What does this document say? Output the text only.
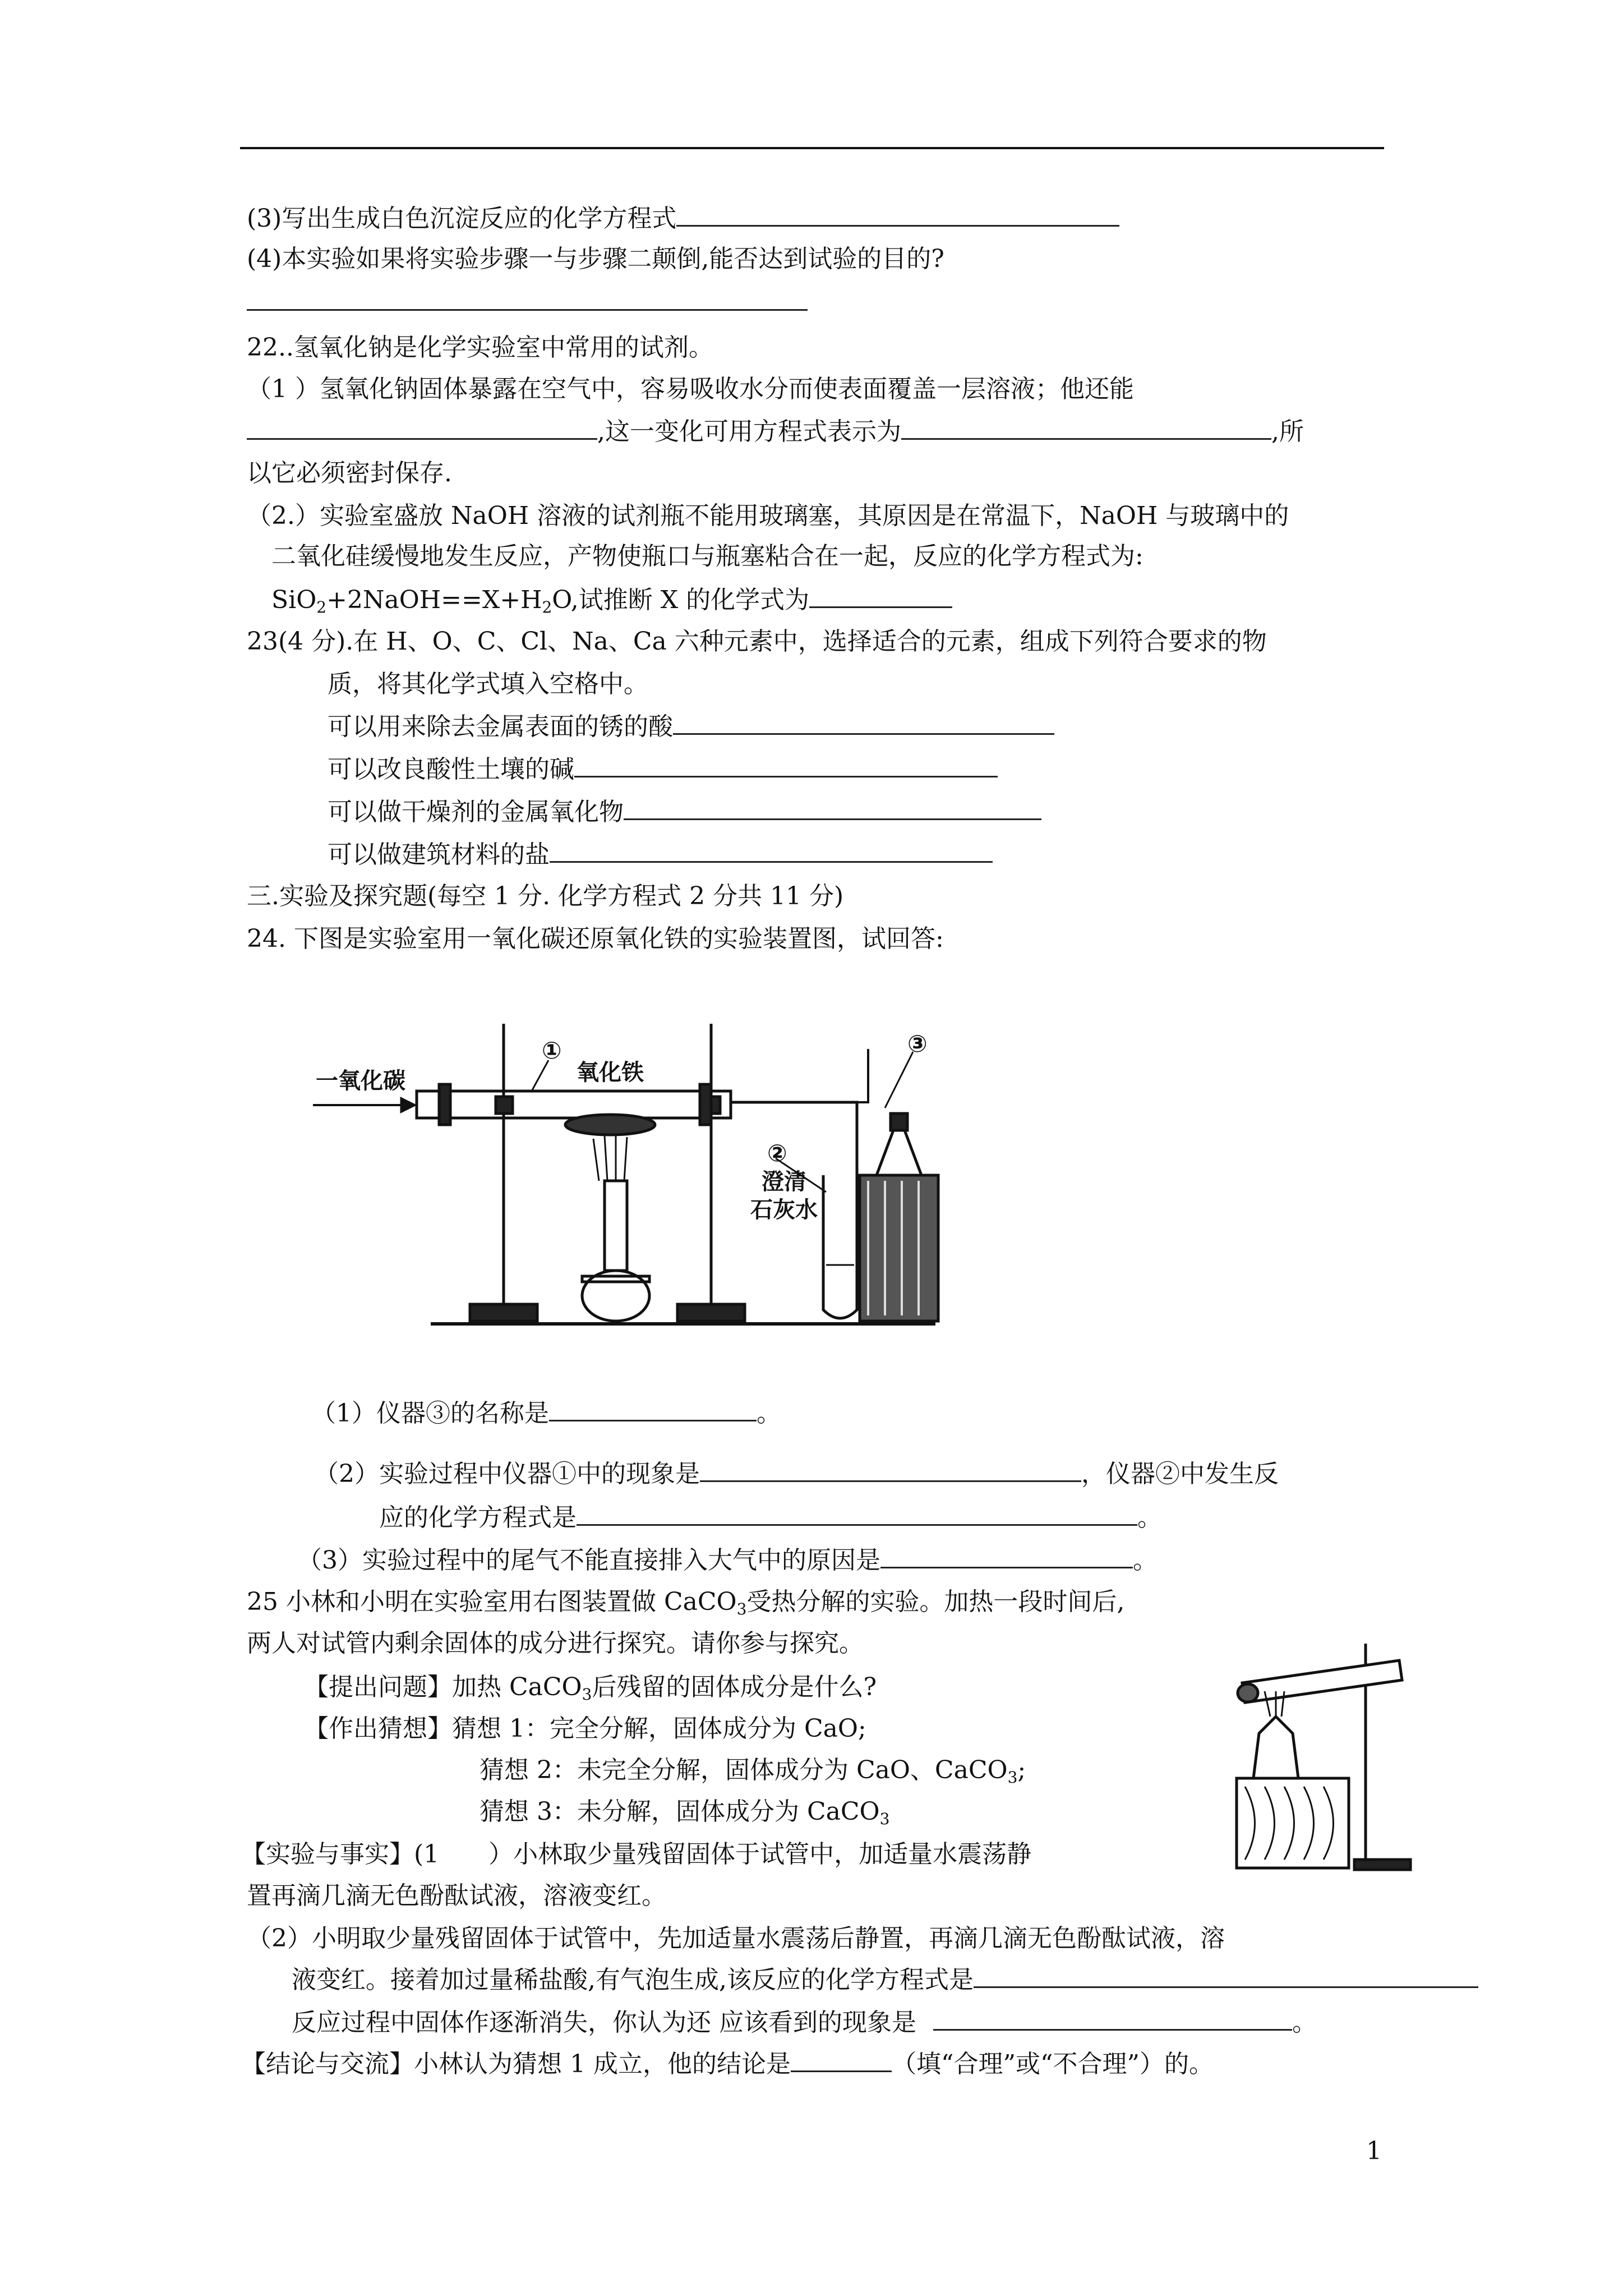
(3)写出生成白色沉淀反应的化学方程式
(4)本实验如果将实验步骤一与步骤二颠倒,能否达到试验的目的?
22..氢氧化钠是化学实验室中常用的试剂。
（1 ）氢氧化钠固体暴露在空气中，容易吸收水分而使表面覆盖一层溶液；他还能
,这一变化可用方程式表示为	,所
以它必须密封保存.
（2.）实验室盛放 NaOH 溶液的试剂瓶不能用玻璃塞，其原因是在常温下，NaOH 与玻璃中的
二氧化硅缓慢地发生反应，产物使瓶口与瓶塞粘合在一起，反应的化学方程式为:
$SiO_2+2NaOH==X+H_2O$,试推断 X 的化学式为
23(4 分).在 H、O、C、Cl、Na、Ca 六种元素中，选择适合的元素，组成下列符合要求的物
质，将其化学式填入空格中。
可以用来除去金属表面的锈的酸
可以改良酸性土壤的碱
可以做干燥剂的金属氧化物
可以做建筑材料的盐
三.实验及探究题(每空 1 分. 化学方程式 2 分共 11 分)
24. 下图是实验室用一氧化碳还原氧化铁的实验装置图，试回答:
一氧化碳	氧化铁
①
②
③
澄清
石灰水
（1）仪器③的名称是	。
（2）实验过程中仪器①中的现象是	，仪器②中发生反
应的化学方程式是	。
（3）实验过程中的尾气不能直接排入大气中的原因是	。
25 小林和小明在实验室用右图装置做 CaCO$_3$受热分解的实验。加热一段时间后,
两人对试管内剩余固体的成分进行探究。请你参与探究。
【提出问题】加热 CaCO$_3$后残留的固体成分是什么?
【作出猜想】猜想 1：完全分解，固体成分为 CaO;
猜想 2：未完全分解，固体成分为 CaO、CaCO$_3$;
猜想 3：未分解，固体成分为 CaCO$_3$
【实验与事实】(1　　）小林取少量残留固体于试管中，加适量水震荡静
置再滴几滴无色酚酞试液，溶液变红。
（2）小明取少量残留固体于试管中，先加适量水震荡后静置，再滴几滴无色酚酞试液，溶
液变红。接着加过量稀盐酸,有气泡生成,该反应的化学方程式是
反应过程中固体作逐渐消失，你认为还 应该看到的现象是	。
【结论与交流】小林认为猜想 1 成立，他的结论是	（填“合理”或“不合理”）的。
1
